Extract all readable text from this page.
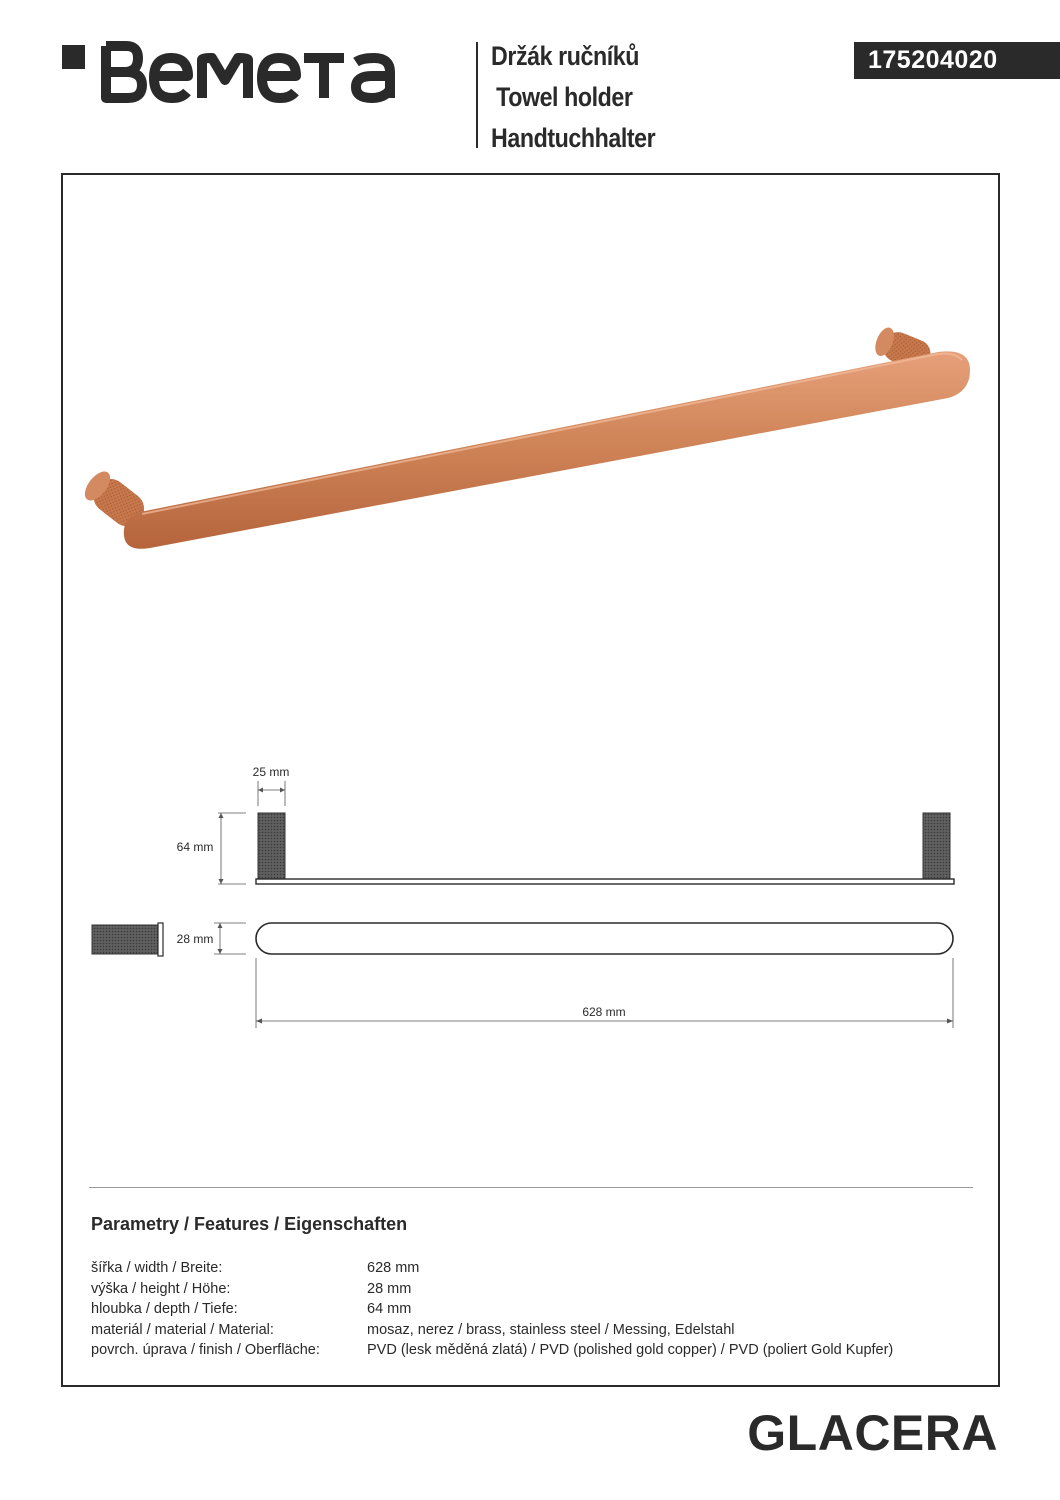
Držák ručníků
Towel holder
Handtuchhalter
175204020
25 mm
64 mm
28 mm
628 mm
Parametry / Features / Eigenschaften
šířka / width / Breite:	628 mm
výška / height / Höhe:	28 mm
hloubka / depth / Tiefe:	64 mm
materiál / material / Material:	mosaz, nerez / brass, stainless steel / Messing, Edelstahl
povrch. úprava / finish / Oberfläche:	PVD (lesk měděná zlatá) / PVD (polished gold copper) / PVD (poliert Gold Kupfer)
GLACERA
